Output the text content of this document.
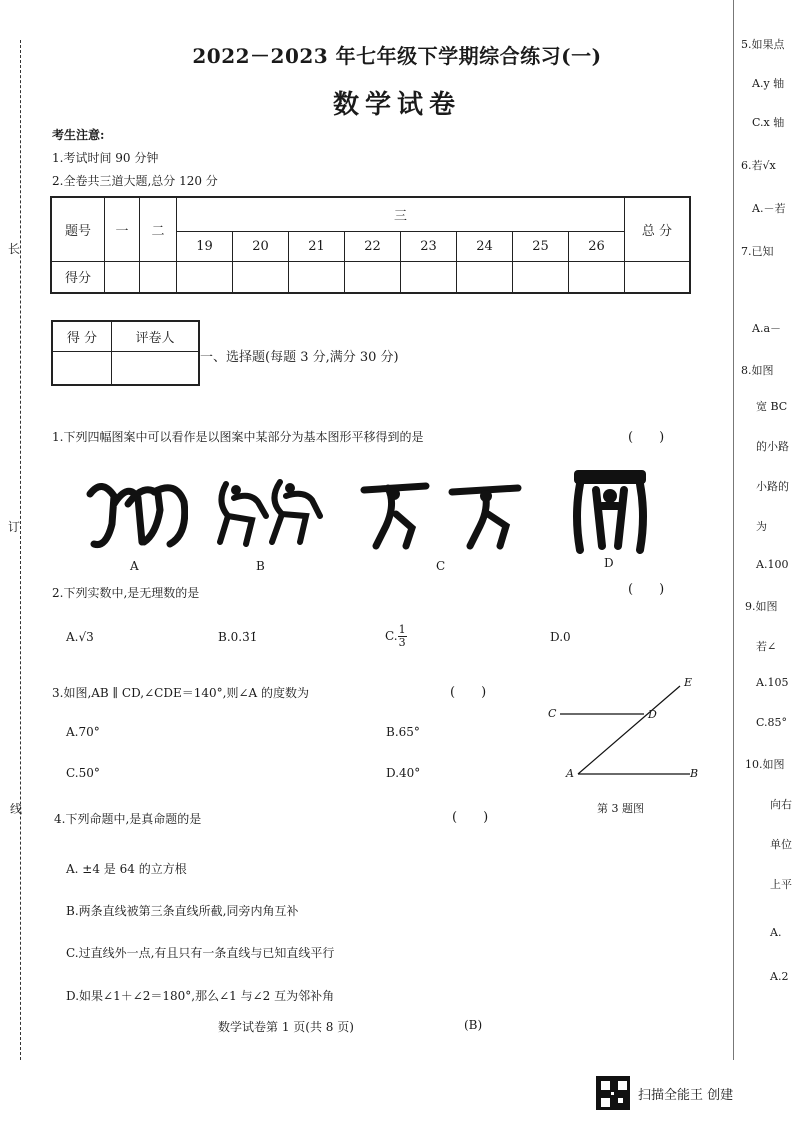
长
订
线
2022－2023 年七年级下学期综合练习(一)
数学试卷
考生注意:
1.考试时间 90 分钟
2.全卷共三道大题,总分 120 分
题号	一	二	三								总 分
			19	20	21	22	23	24	25	26	
得分											
得 分	评卷人

一、选择题(每题 3 分,满分 30 分)
1.下列四幅图案中可以看作是以图案中某部分为基本图形平移得到的是	(　　)
A	B	C	D
2.下列实数中,是无理数的是	(　　)
A.√3	B.0.3̇1̇	C. $\frac{1}{3}$	D.0
3.如图,AB ∥ CD,∠CDE＝140°,则∠A 的度数为	(　　)
A.70°	B.65°
C.50°	D.40°
C	D
E
A	B
第 3 题图
4.下列命题中,是真命题的是	(　　)
A. ±4 是 64 的立方根
B.两条直线被第三条直线所截,同旁内角互补
C.过直线外一点,有且只有一条直线与已知直线平行
D.如果∠1＋∠2＝180°,那么∠1 与∠2 互为邻补角
数学试卷第 1 页(共 8 页)	(B)
5.如果点
A.y 轴
C.x 轴
6.若√x
A.－若
7.已知
A.a－
8.如图
宽 BC
的小路
小路的
为
A.100
9.如图
若∠
A.105
C.85°
10.如图
向右
单位
上平
A.
A.2
扫描全能王 创建
